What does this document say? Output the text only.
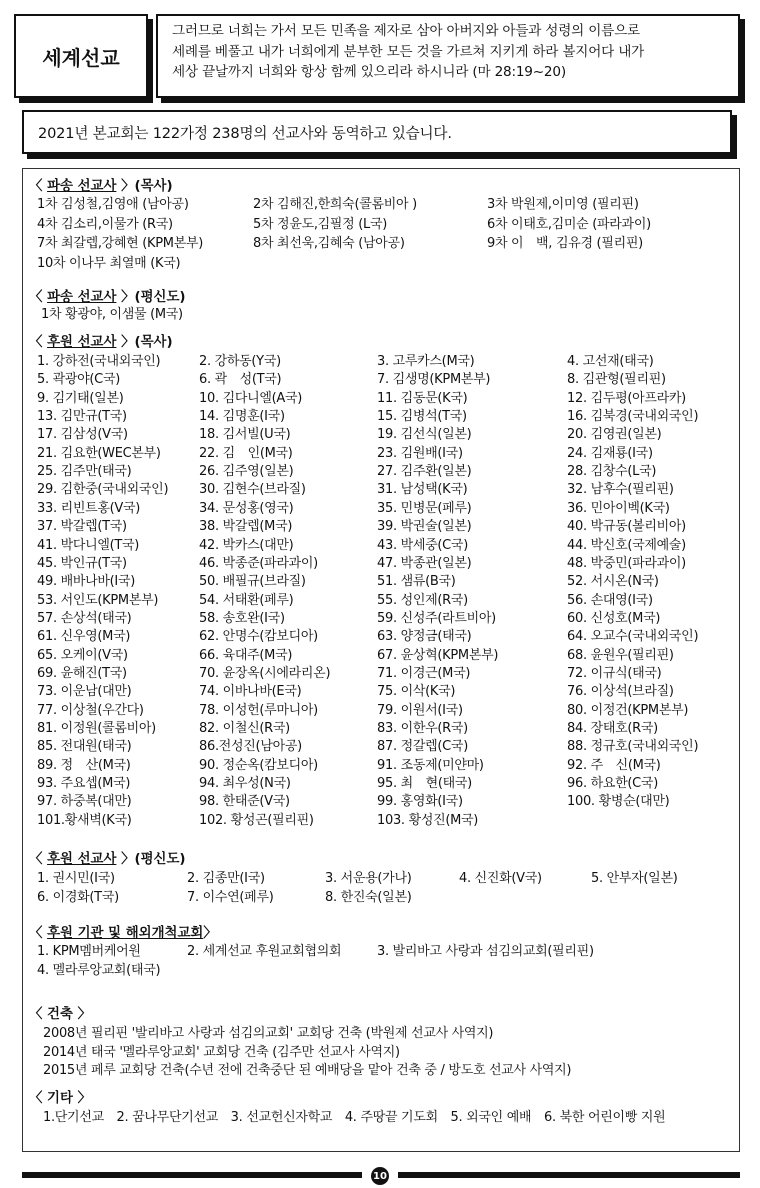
세계선교
그러므로 너희는 가서 모든 민족을 제자로 삼아 아버지와 아들과 성령의 이름으로
세례를 베풀고 내가 너희에게 분부한 모든 것을 가르쳐 지키게 하라 볼지어다 내가
세상 끝날까지 너희와 항상 함께 있으리라 하시니라 (마 28:19~20)
2021년 본교회는 122가정 238명의 선교사와 동역하고 있습니다.
〈 파송 선교사 〉(목사)
1차 김성철,김영애 (남아공)	2차 김해진,한희숙(콜롬비아 )	3차 박원제,이미영 (필리핀)
4차 김소리,이물가 (R국)	5차 정윤도,김필정 (L국)	6차 이태호,김미순 (파라과이)
7차 최갈렙,강혜현 (KPM본부)	8차 최선욱,김혜숙 (남아공)	9차 이　백, 김유경 (필리핀)
10차 이나무 최열매 (K국)
〈 파송 선교사 〉(평신도)
1차 황광야, 이샘물 (M국)
〈 후원 선교사 〉(목사)
1. 강하전(국내외국인)	2. 강하동(Y국)	3. 고루카스(M국)	4. 고선재(태국)
5. 곽광야(C국)	6. 곽　성(T국)	7. 김생명(KPM본부)	8. 김관형(필리핀)
9. 김기태(일본)	10. 김다니엘(A국)	11. 김동문(K국)	12. 김두평(아프라카)
13. 김만규(T국)	14. 김명훈(I국)	15. 김병석(T국)	16. 김북경(국내외국인)
17. 김삼성(V국)	18. 김서빌(U국)	19. 김선식(일본)	20. 김영권(일본)
21. 김요한(WEC본부)	22. 김　인(M국)	23. 김원배(I국)	24. 김재룡(I국)
25. 김주만(태국)	26. 김주영(일본)	27. 김주환(일본)	28. 김창수(L국)
29. 김한중(국내외국인) 30. 김현수(브라질)	31. 남성택(K국)	32. 남후수(필리핀)
33. 리빈트홍(V국)	34. 문성홍(영국)	35. 민병문(페루)	36. 민아이벡(K국)
37. 박갈렙(T국)	38. 박갈렙(M국)	39. 박권술(일본)	40. 박규동(볼리비아)
41. 박다니엘(T국)	42. 박카스(대만)	43. 박세중(C국)	44. 박신호(국제예술)
45. 박인규(T국)	46. 박종준(파라과이)	47. 박종관(일본)	48. 박중민(파라과이)
49. 배바나바(I국)	50. 배필규(브라질)	51. 샘류(B국)	52. 서시온(N국)
53. 서인도(KPM본부)	54. 서태환(페루)	55. 성인제(R국)	56. 손대영(I국)
57. 손상석(태국)	58. 송호완(I국)	59. 신성주(라트비아)	60. 신성호(M국)
61. 신우영(M국)	62. 안명수(캄보디아)	63. 양정금(태국)	64. 오교수(국내외국인)
65. 오케이(V국)	66. 육대주(M국)	67. 윤상혁(KPM본부)	68. 윤원우(필리핀)
69. 윤해진(T국)	70. 윤장옥(시에라리온)	71. 이경근(M국)	72. 이규식(태국)
73. 이운남(대만)	74. 이바나바(E국)	75. 이삭(K국)	76. 이상석(브라질)
77. 이상철(우간다)	78. 이성헌(루마니아)	79. 이원서(I국)	80. 이정건(KPM본부)
81. 이정원(콜롬비아)	82. 이철신(R국)	83. 이한우(R국)	84. 장태호(R국)
85. 전대원(태국)	86.전성진(남아공)	87. 정갈렙(C국)	88. 정규호(국내외국인)
89. 정　산(M국)	90. 정순옥(캄보디아)	91. 조동제(미얀마)	92. 주　신(M국)
93. 주요셉(M국)	94. 최우성(N국)	95. 최　현(태국)	96. 하요한(C국)
97. 하중복(대만)	98. 한태준(V국)	99. 홍영화(I국)	100. 황병순(대만)
101.황새벽(K국)	102. 황성곤(필리핀)	103. 황성진(M국)
〈 후원 선교사 〉(평신도)
1. 권시민(I국)	2. 김종만(I국)	3. 서운용(가나)	4. 신진화(V국)	5. 안부자(일본)
6. 이경화(T국)	7. 이수연(페루)	8. 한진숙(일본)
〈 후원 기관 및 해외개척교회〉
1. KPM멤버케어원	2. 세계선교 후원교회협의회	3. 발리바고 사랑과 섬김의교회(필리핀)
4. 멜라루앙교회(태국)
〈 건축 〉
2008년 필리핀 '발리바고 사랑과 섬김의교회' 교회당 건축 (박원제 선교사 사역지)
2014년 태국 '멜라루앙교회' 교회당 건축 (김주만 선교사 사역지)
2015년 페루 교회당 건축(수년 전에 건축중단 된 예배당을 맡아 건축 중 / 방도호 선교사 사역지)
〈 기타 〉
1.단기선교　2. 꿈나무단기선교　3. 선교헌신자학교　4. 주땅끝 기도회　5. 외국인 예배　6. 북한 어린이빵 지원
10
